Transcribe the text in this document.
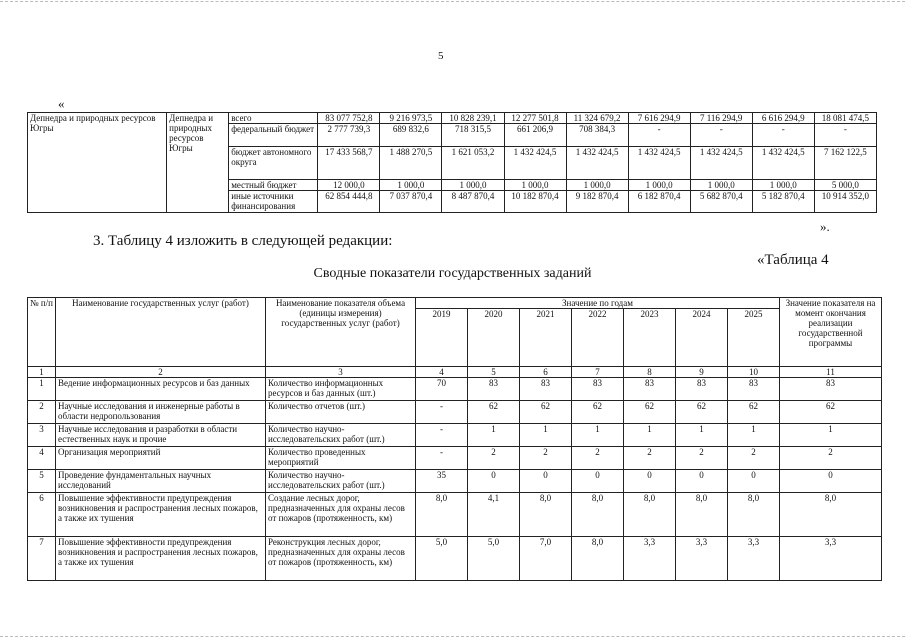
5
«
Депнедра и природных ресурсов Югры	Депнедра и природных ресурсов Югры	всего	83 077 752,8	9 216 973,5	10 828 239,1	12 277 501,8	11 324 679,2	7 616 294,9	7 116 294,9	6 616 294,9	18 081 474,5
		федеральный бюджет	2 777 739,3	689 832,6	718 315,5	661 206,9	708 384,3	-	-	-	-
		бюджет автономного округа	17 433 568,7	1 488 270,5	1 621 053,2	1 432 424,5	1 432 424,5	1 432 424,5	1 432 424,5	1 432 424,5	7 162 122,5
		местный бюджет	12 000,0	1 000,0	1 000,0	1 000,0	1 000,0	1 000,0	1 000,0	1 000,0	5 000,0
		иные источники финансирования	62 854 444,8	7 037 870,4	8 487 870,4	10 182 870,4	9 182 870,4	6 182 870,4	5 682 870,4	5 182 870,4	10 914 352,0
».
3. Таблицу 4 изложить в следующей редакции:
«Таблица 4
Сводные показатели государственных заданий
№ п/п	Наименование государственных услуг (работ)	Наименование показателя объема (единицы измерения) государственных услуг (работ)	Значение по годам							Значение показателя на момент окончания реализации государственной программы
			2019	2020	2021	2022	2023	2024	2025	
1	2	3	4	5	6	7	8	9	10	11
1	Ведение информационных ресурсов и баз данных	Количество информационных ресурсов и баз данных (шт.)	70	83	83	83	83	83	83	83
2	Научные исследования и инженерные работы в области недропользования	Количество отчетов (шт.)	-	62	62	62	62	62	62	62
3	Научные исследования и разработки в области естественных наук и прочие	Количество научно-исследовательских работ (шт.)	-	1	1	1	1	1	1	1
4	Организация мероприятий	Количество проведенных мероприятий	-	2	2	2	2	2	2	2
5	Проведение фундаментальных научных исследований	Количество научно-исследовательских работ (шт.)	35	0	0	0	0	0	0	0
6	Повышение эффективности предупреждения возникновения и распространения лесных пожаров, а также их тушения	Создание лесных дорог, предназначенных для охраны лесов от пожаров (протяженность, км)	8,0	4,1	8,0	8,0	8,0	8,0	8,0	8,0
7	Повышение эффективности предупреждения возникновения и распространения лесных пожаров, а также их тушения	Реконструкция лесных дорог, предназначенных для охраны лесов от пожаров (протяженность, км)	5,0	5,0	7,0	8,0	3,3	3,3	3,3	3,3
